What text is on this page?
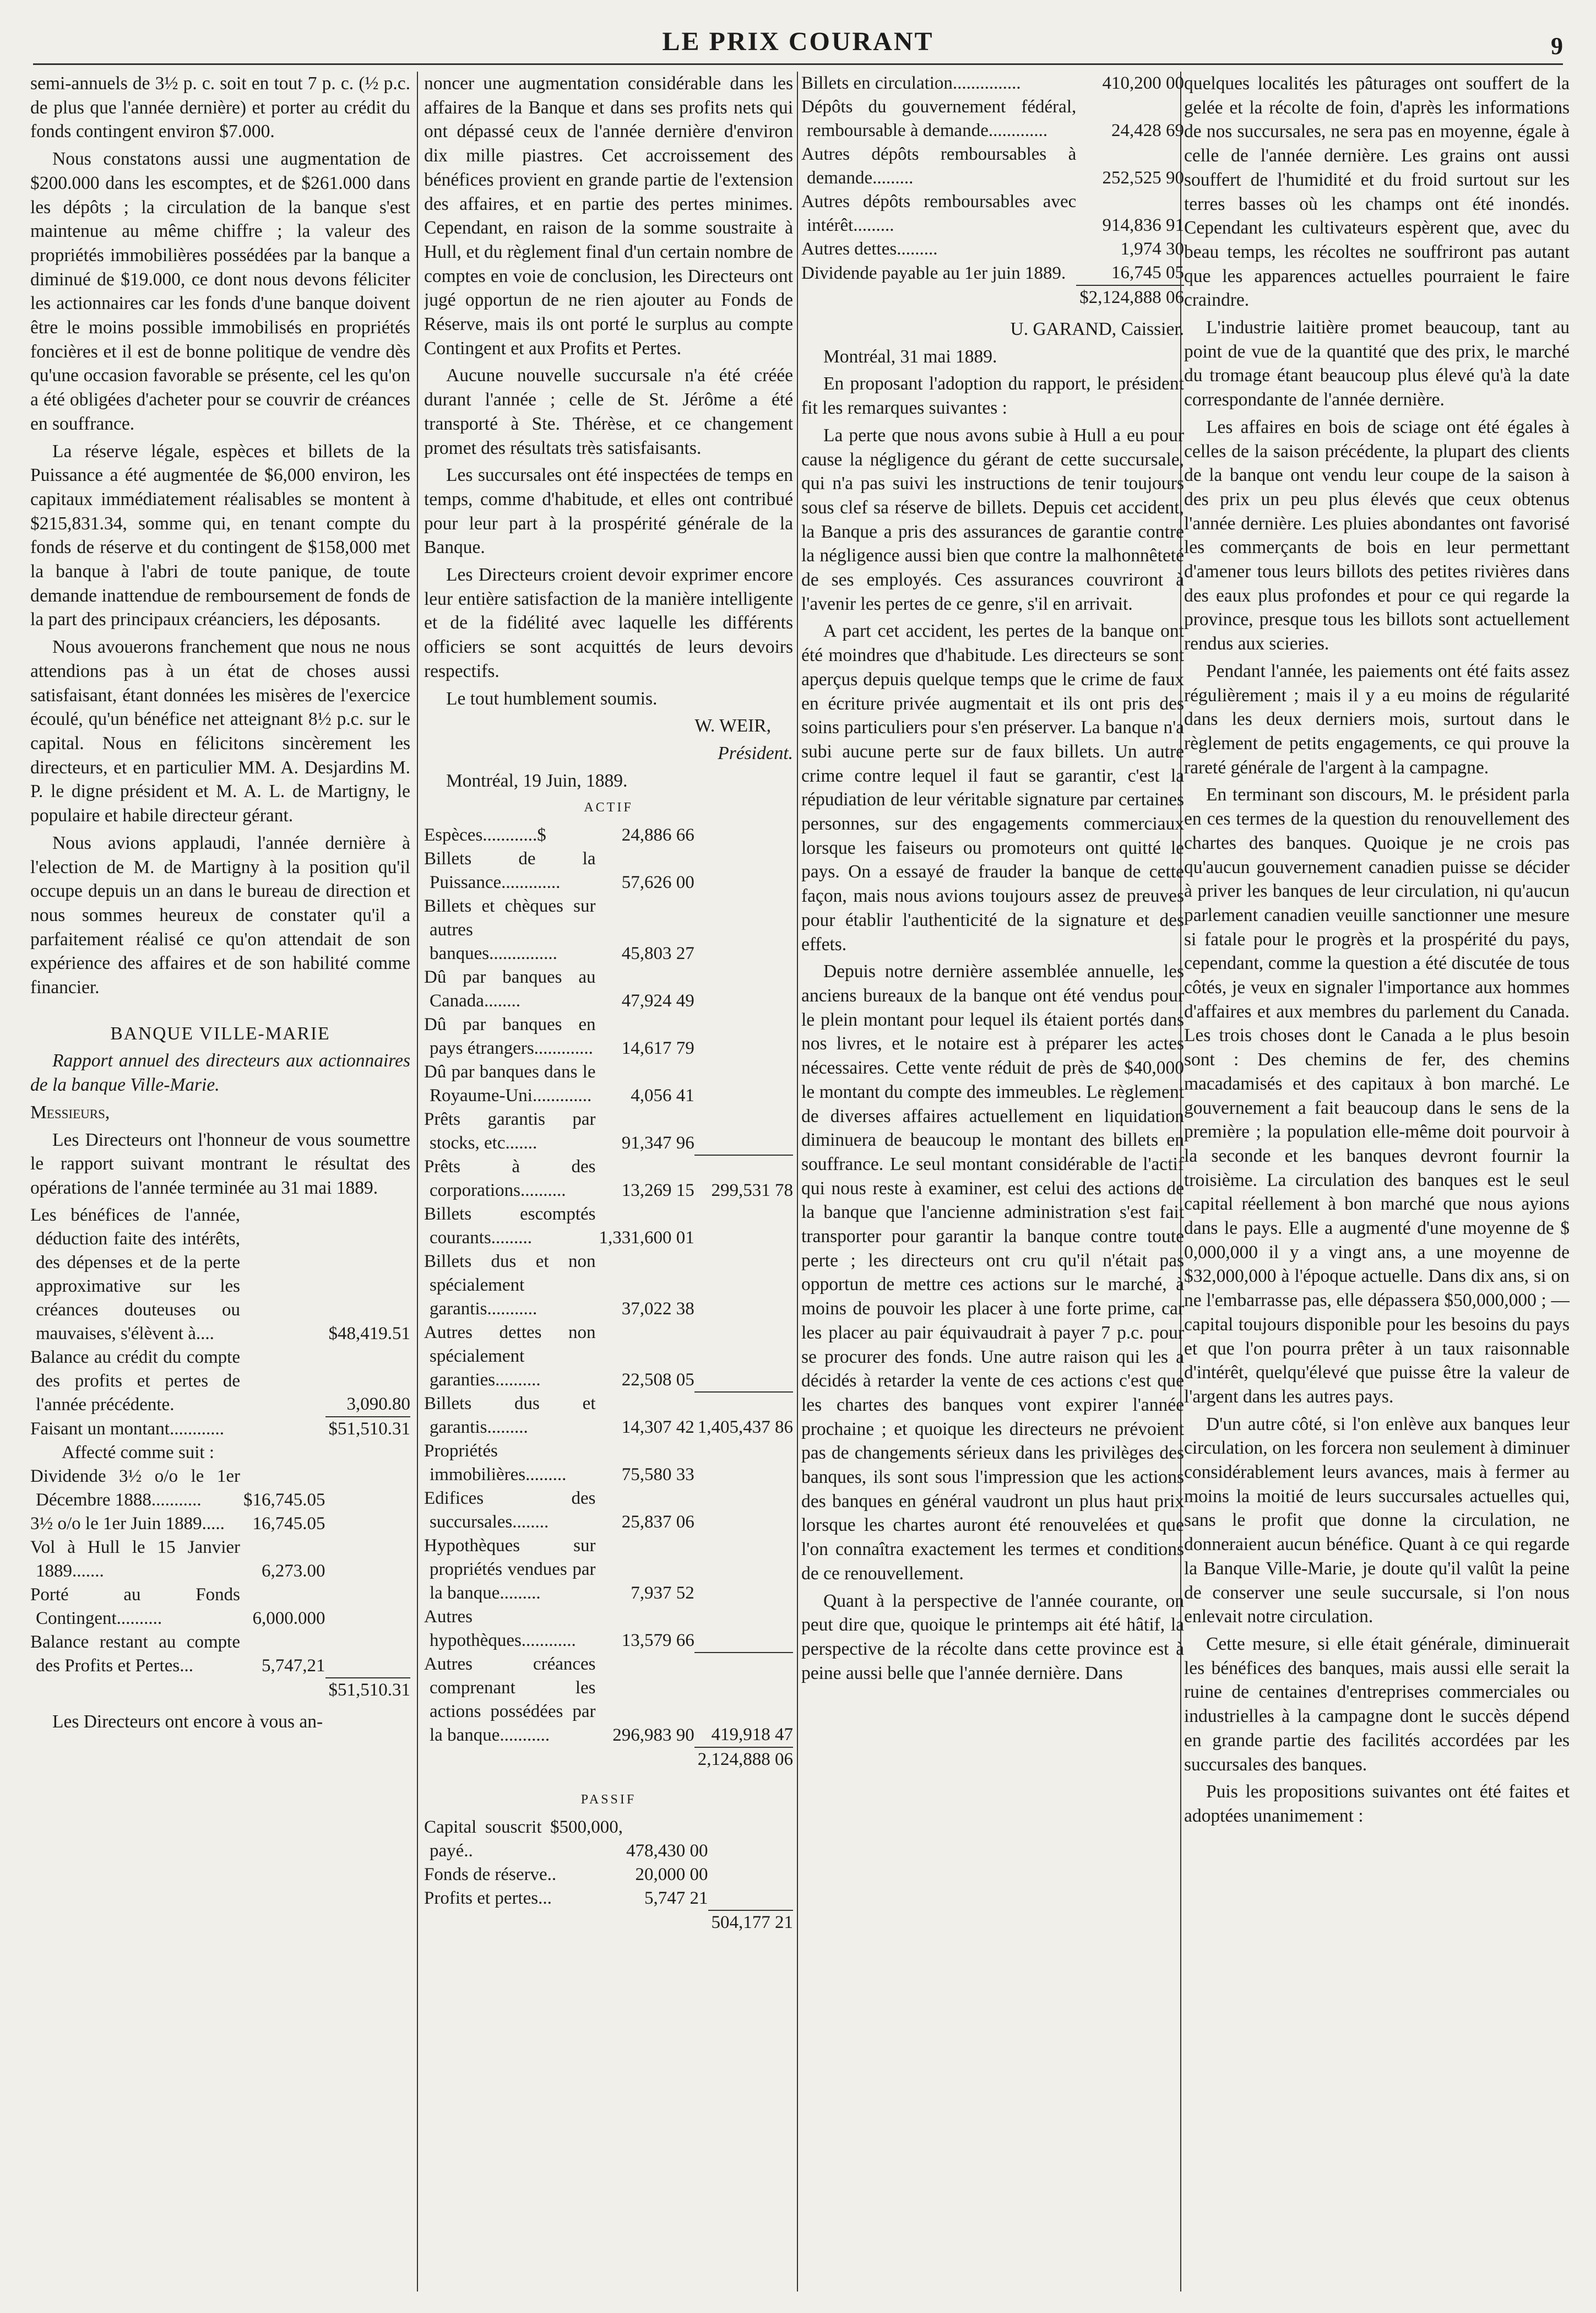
LE PRIX COURANT	9

semi-annuels de 3½ p. c. soit en tout 7 p. c. (½ p.c. de plus que l'année dernière) et porter au crédit du fonds contingent environ $7.000.

Nous constatons aussi une augmentation de $200.000 dans les escomptes, et de $261.000 dans les dépôts ; la circulation de la banque s'est maintenue au même chiffre ; la valeur des propriétés immobilières possédées par la banque a diminué de $19.000, ce dont nous devons féliciter les actionnaires car les fonds d'une banque doivent être le moins possible immobilisés en propriétés foncières et il est de bonne politique de vendre dès qu'une occasion favorable se présente, cel les qu'on a été obligées d'acheter pour se couvrir de créances en souffrance.

La réserve légale, espèces et billets de la Puissance a été augmentée de $6,000 environ, les capitaux immédiatement réalisables se montent à $215,831.34, somme qui, en tenant compte du fonds de réserve et du contingent de $158,000 met la banque à l'abri de toute panique, de toute demande inattendue de remboursement de fonds de la part des principaux créanciers, les déposants.

Nous avouerons franchement que nous ne nous attendions pas à un état de choses aussi satisfaisant, étant données les misères de l'exercice écoulé, qu'un bénéfice net atteignant 8½ p.c. sur le capital. Nous en félicitons sincèrement les directeurs, et en particulier MM. A. Desjardins M. P. le digne président et M. A. L. de Martigny, le populaire et habile directeur gérant.

Nous avions applaudi, l'année dernière à l'election de M. de Martigny à la position qu'il occupe depuis un an dans le bureau de direction et nous sommes heureux de constater qu'il a parfaitement réalisé ce qu'on attendait de son expérience des affaires et de son habilité comme financier.

BANQUE VILLE-MARIE

Rapport annuel des directeurs aux actionnaires de la banque Ville-Marie.

Messieurs,

Les Directeurs ont l'honneur de vous soumettre le rapport suivant montrant le résultat des opérations de l'année terminée au 31 mai 1889.

Les bénéfices de l'année, déduction faite des intérêts, des dépenses et de la perte approximative sur les créances douteuses ou mauvaises, s'élèvent à....		$48,419.51
Balance au crédit du compte des profits et pertes de l'année précédente.		3,090.80
Faisant un montant............		$51,510.31
Affecté comme suit :		
Dividende 3½ o/o le 1er Décembre 1888...........	$16,745.05	
3½ o/o le 1er Juin 1889.....	16,745.05	
Vol à Hull le 15 Janvier 1889.......	6,273.00	
Porté au Fonds Contingent..........	6,000.000	
Balance restant au compte des Profits et Pertes...	5,747,21	
		$51,510.31

Les Directeurs ont encore à vous an-

noncer une augmentation considérable dans les affaires de la Banque et dans ses profits nets qui ont dépassé ceux de l'année dernière d'environ dix mille piastres. Cet accroissement des bénéfices provient en grande partie de l'extension des affaires, et en partie des pertes minimes. Cependant, en raison de la somme soustraite à Hull, et du règlement final d'un certain nombre de comptes en voie de conclusion, les Directeurs ont jugé opportun de ne rien ajouter au Fonds de Réserve, mais ils ont porté le surplus au compte Contingent et aux Profits et Pertes.

Aucune nouvelle succursale n'a été créée durant l'année ; celle de St. Jérôme a été transporté à Ste. Thérèse, et ce changement promet des résultats très satisfaisants.

Les succursales ont été inspectées de temps en temps, comme d'habitude, et elles ont contribué pour leur part à la prospérité générale de la Banque.

Les Directeurs croient devoir exprimer encore leur entière satisfaction de la manière intelligente et de la fidélité avec laquelle les différents officiers se sont acquittés de leurs devoirs respectifs.

Le tout humblement soumis.

W. WEIR,

Président.

Montréal, 19 Juin, 1889.

ACTIF

Espèces............$	24,886 66	
Billets de la Puissance.............	57,626 00	
Billets et chèques sur autres banques...............	45,803 27	
Dû par banques au Canada........	47,924 49	
Dû par banques en pays étrangers.............	14,617 79	
Dû par banques dans le Royaume-Uni.............	4,056 41	
Prêts garantis par stocks, etc.......	91,347 96	
Prêts à des corporations..........	13,269 15	299,531 78
Billets escomptés courants.........	1,331,600 01	
Billets dus et non spécialement garantis...........	37,022 38	
Autres dettes non spécialement garanties..........	22,508 05	
Billets dus et garantis.........	14,307 42	1,405,437 86
Propriétés immobilières.........	75,580 33	
Edifices des succursales........	25,837 06	
Hypothèques sur propriétés vendues par la banque.........	7,937 52	
Autres hypothèques............	13,579 66	
Autres créances comprenant les actions possédées par la banque...........	296,983 90	419,918 47
		2,124,888 06

PASSIF

Capital souscrit $500,000, payé..	478,430 00	
Fonds de réserve..	20,000 00	
Profits et pertes...	5,747 21	
		504,177 21
Billets en circulation...............	410,200 00
Dépôts du gouvernement fédéral, remboursable à demande.............	24,428 69
Autres dépôts remboursables à demande.........	252,525 90
Autres dépôts remboursables avec intérêt.........	914,836 91
Autres dettes.........	1,974 30
Dividende payable au 1er juin 1889.	16,745 05
	$2,124,888 06

U. GARAND, Caissier.

Montréal, 31 mai 1889.

En proposant l'adoption du rapport, le président fit les remarques suivantes :

La perte que nous avons subie à Hull a eu pour cause la négligence du gérant de cette succursale, qui n'a pas suivi les instructions de tenir toujours sous clef sa réserve de billets. Depuis cet accident, la Banque a pris des assurances de garantie contre la négligence aussi bien que contre la malhonnêteté de ses employés. Ces assurances couvriront à l'avenir les pertes de ce genre, s'il en arrivait.

A part cet accident, les pertes de la banque ont été moindres que d'habitude. Les directeurs se sont aperçus depuis quelque temps que le crime de faux en écriture privée augmentait et ils ont pris des soins particuliers pour s'en préserver. La banque n'a subi aucune perte sur de faux billets. Un autre crime contre lequel il faut se garantir, c'est la répudiation de leur véritable signature par certaines personnes, sur des engagements commerciaux lorsque les faiseurs ou promoteurs ont quitté le pays. On a essayé de frauder la banque de cette façon, mais nous avions toujours assez de preuves pour établir l'authenticité de la signature et des effets.

Depuis notre dernière assemblée annuelle, les anciens bureaux de la banque ont été vendus pour le plein montant pour lequel ils étaient portés dans nos livres, et le notaire est à préparer les actes nécessaires. Cette vente réduit de près de $40,000 le montant du compte des immeubles. Le règlement de diverses affaires actuellement en liquidation diminuera de beaucoup le montant des billets en souffrance. Le seul montant considérable de l'actif qui nous reste à examiner, est celui des actions de la banque que l'ancienne administration s'est fait transporter pour garantir la banque contre toute perte ; les directeurs ont cru qu'il n'était pas opportun de mettre ces actions sur le marché, à moins de pouvoir les placer à une forte prime, car les placer au pair équivaudrait à payer 7 p.c. pour se procurer des fonds. Une autre raison qui les a décidés à retarder la vente de ces actions c'est que les chartes des banques vont expirer l'année prochaine ; et quoique les directeurs ne prévoient pas de changements sérieux dans les privilèges des banques, ils sont sous l'impression que les actions des banques en général vaudront un plus haut prix lorsque les chartes auront été renouvelées et que l'on connaîtra exactement les termes et conditions de ce renouvellement.

Quant à la perspective de l'année courante, on peut dire que, quoique le printemps ait été hâtif, la perspective de la récolte dans cette province est à peine aussi belle que l'année dernière. Dans

quelques localités les pâturages ont souffert de la gelée et la récolte de foin, d'après les informations de nos succursales, ne sera pas en moyenne, égale à celle de l'année dernière. Les grains ont aussi souffert de l'humidité et du froid surtout sur les terres basses où les champs ont été inondés. Cependant les cultivateurs espèrent que, avec du beau temps, les récoltes ne souffriront pas autant que les apparences actuelles pourraient le faire craindre.

L'industrie laitière promet beaucoup, tant au point de vue de la quantité que des prix, le marché du tromage étant beaucoup plus élevé qu'à la date correspondante de l'année dernière.

Les affaires en bois de sciage ont été égales à celles de la saison précédente, la plupart des clients de la banque ont vendu leur coupe de la saison à des prix un peu plus élevés que ceux obtenus l'année dernière. Les pluies abondantes ont favorisé les commerçants de bois en leur permettant d'amener tous leurs billots des petites rivières dans des eaux plus profondes et pour ce qui regarde la province, presque tous les billots sont actuellement rendus aux scieries.

Pendant l'année, les paiements ont été faits assez régulièrement ; mais il y a eu moins de régularité dans les deux derniers mois, surtout dans le règlement de petits engagements, ce qui prouve la rareté générale de l'argent à la campagne.

En terminant son discours, M. le président parla en ces termes de la question du renouvellement des chartes des banques. Quoique je ne crois pas qu'aucun gouvernement canadien puisse se décider à priver les banques de leur circulation, ni qu'aucun parlement canadien veuille sanctionner une mesure si fatale pour le progrès et la prospérité du pays, cependant, comme la question a été discutée de tous côtés, je veux en signaler l'importance aux hommes d'affaires et aux membres du parlement du Canada. Les trois choses dont le Canada a le plus besoin sont : Des chemins de fer, des chemins macadamisés et des capitaux à bon marché. Le gouvernement a fait beaucoup dans le sens de la première ; la population elle-même doit pourvoir à la seconde et les banques devront fournir la troisième. La circulation des banques est le seul capital réellement à bon marché que nous ayions dans le pays. Elle a augmenté d'une moyenne de $ 0,000,000 il y a vingt ans, a une moyenne de $32,000,000 à l'époque actuelle. Dans dix ans, si on ne l'embarrasse pas, elle dépassera $50,000,000 ; — capital toujours disponible pour les besoins du pays et que l'on pourra prêter à un taux raisonnable d'intérêt, quelqu'élevé que puisse être la valeur de l'argent dans les autres pays.

D'un autre côté, si l'on enlève aux banques leur circulation, on les forcera non seulement à diminuer considérablement leurs avances, mais à fermer au moins la moitié de leurs succursales actuelles qui, sans le profit que donne la circulation, ne donneraient aucun bénéfice. Quant à ce qui regarde la Banque Ville-Marie, je doute qu'il valût la peine de conserver une seule succursale, si l'on nous enlevait notre circulation.

Cette mesure, si elle était générale, diminuerait les bénéfices des banques, mais aussi elle serait la ruine de centaines d'entreprises commerciales ou industrielles à la campagne dont le succès dépend en grande partie des facilités accordées par les succursales des banques.

Puis les propositions suivantes ont été faites et adoptées unanimement :
